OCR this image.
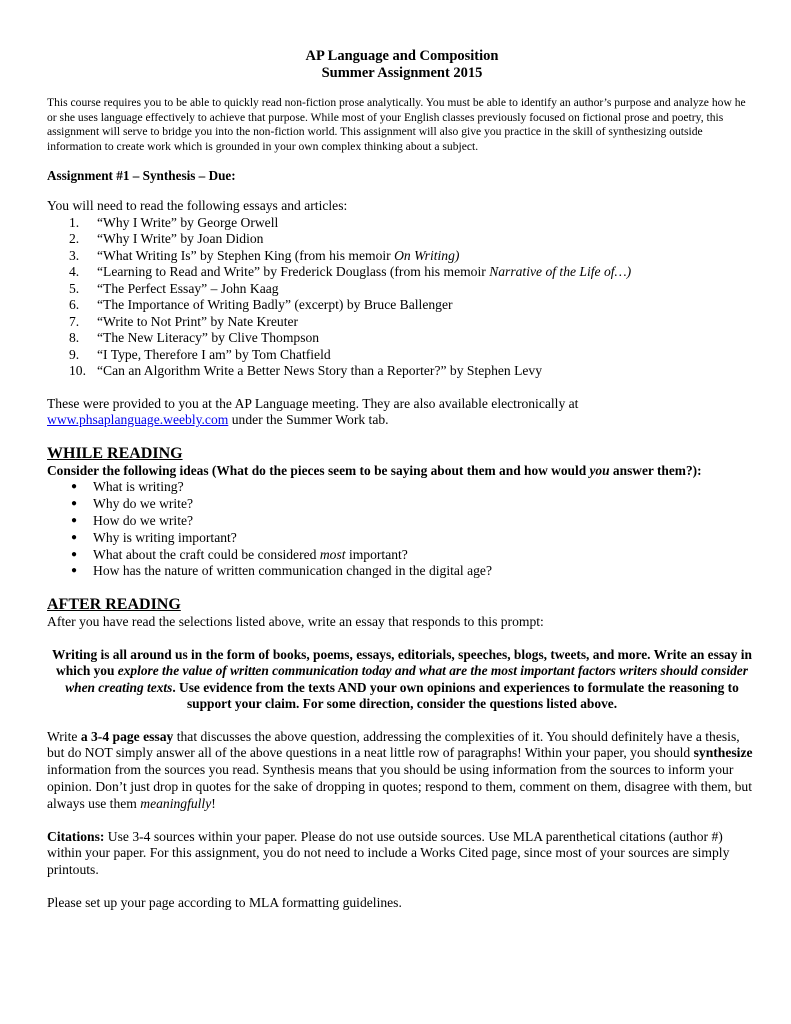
AP Language and Composition
Summer Assignment 2015
This course requires you to be able to quickly read non-fiction prose analytically. You must be able to identify an author’s purpose and analyze how he or she uses language effectively to achieve that purpose. While most of your English classes previously focused on fictional prose and poetry, this assignment will serve to bridge you into the non-fiction world. This assignment will also give you practice in the skill of synthesizing outside information to create work which is grounded in your own complex thinking about a subject.
Assignment #1 – Synthesis – Due:
You will need to read the following essays and articles:
1. “Why I Write” by George Orwell
2. “Why I Write” by Joan Didion
3. “What Writing Is” by Stephen King (from his memoir On Writing)
4. “Learning to Read and Write” by Frederick Douglass (from his memoir Narrative of the Life of…)
5. “The Perfect Essay” – John Kaag
6. “The Importance of Writing Badly” (excerpt) by Bruce Ballenger
7. “Write to Not Print” by Nate Kreuter
8. “The New Literacy” by Clive Thompson
9. “I Type, Therefore I am” by Tom Chatfield
10. “Can an Algorithm Write a Better News Story than a Reporter?” by Stephen Levy
These were provided to you at the AP Language meeting. They are also available electronically at
www.phsaplanguage.weebly.com under the Summer Work tab.
WHILE READING
Consider the following ideas (What do the pieces seem to be saying about them and how would you answer them?):
● What is writing?
● Why do we write?
● How do we write?
● Why is writing important?
● What about the craft could be considered most important?
● How has the nature of written communication changed in the digital age?
AFTER READING
After you have read the selections listed above, write an essay that responds to this prompt:
Writing is all around us in the form of books, poems, essays, editorials, speeches, blogs, tweets, and more. Write an essay in which you explore the value of written communication today and what are the most important factors writers should consider when creating texts. Use evidence from the texts AND your own opinions and experiences to formulate the reasoning to support your claim. For some direction, consider the questions listed above.
Write a 3-4 page essay that discusses the above question, addressing the complexities of it. You should definitely have a thesis, but do NOT simply answer all of the above questions in a neat little row of paragraphs! Within your paper, you should synthesize information from the sources you read. Synthesis means that you should be using information from the sources to inform your opinion. Don’t just drop in quotes for the sake of dropping in quotes; respond to them, comment on them, disagree with them, but always use them meaningfully!
Citations: Use 3-4 sources within your paper. Please do not use outside sources. Use MLA parenthetical citations (author #) within your paper. For this assignment, you do not need to include a Works Cited page, since most of your sources are simply printouts.
Please set up your page according to MLA formatting guidelines.
